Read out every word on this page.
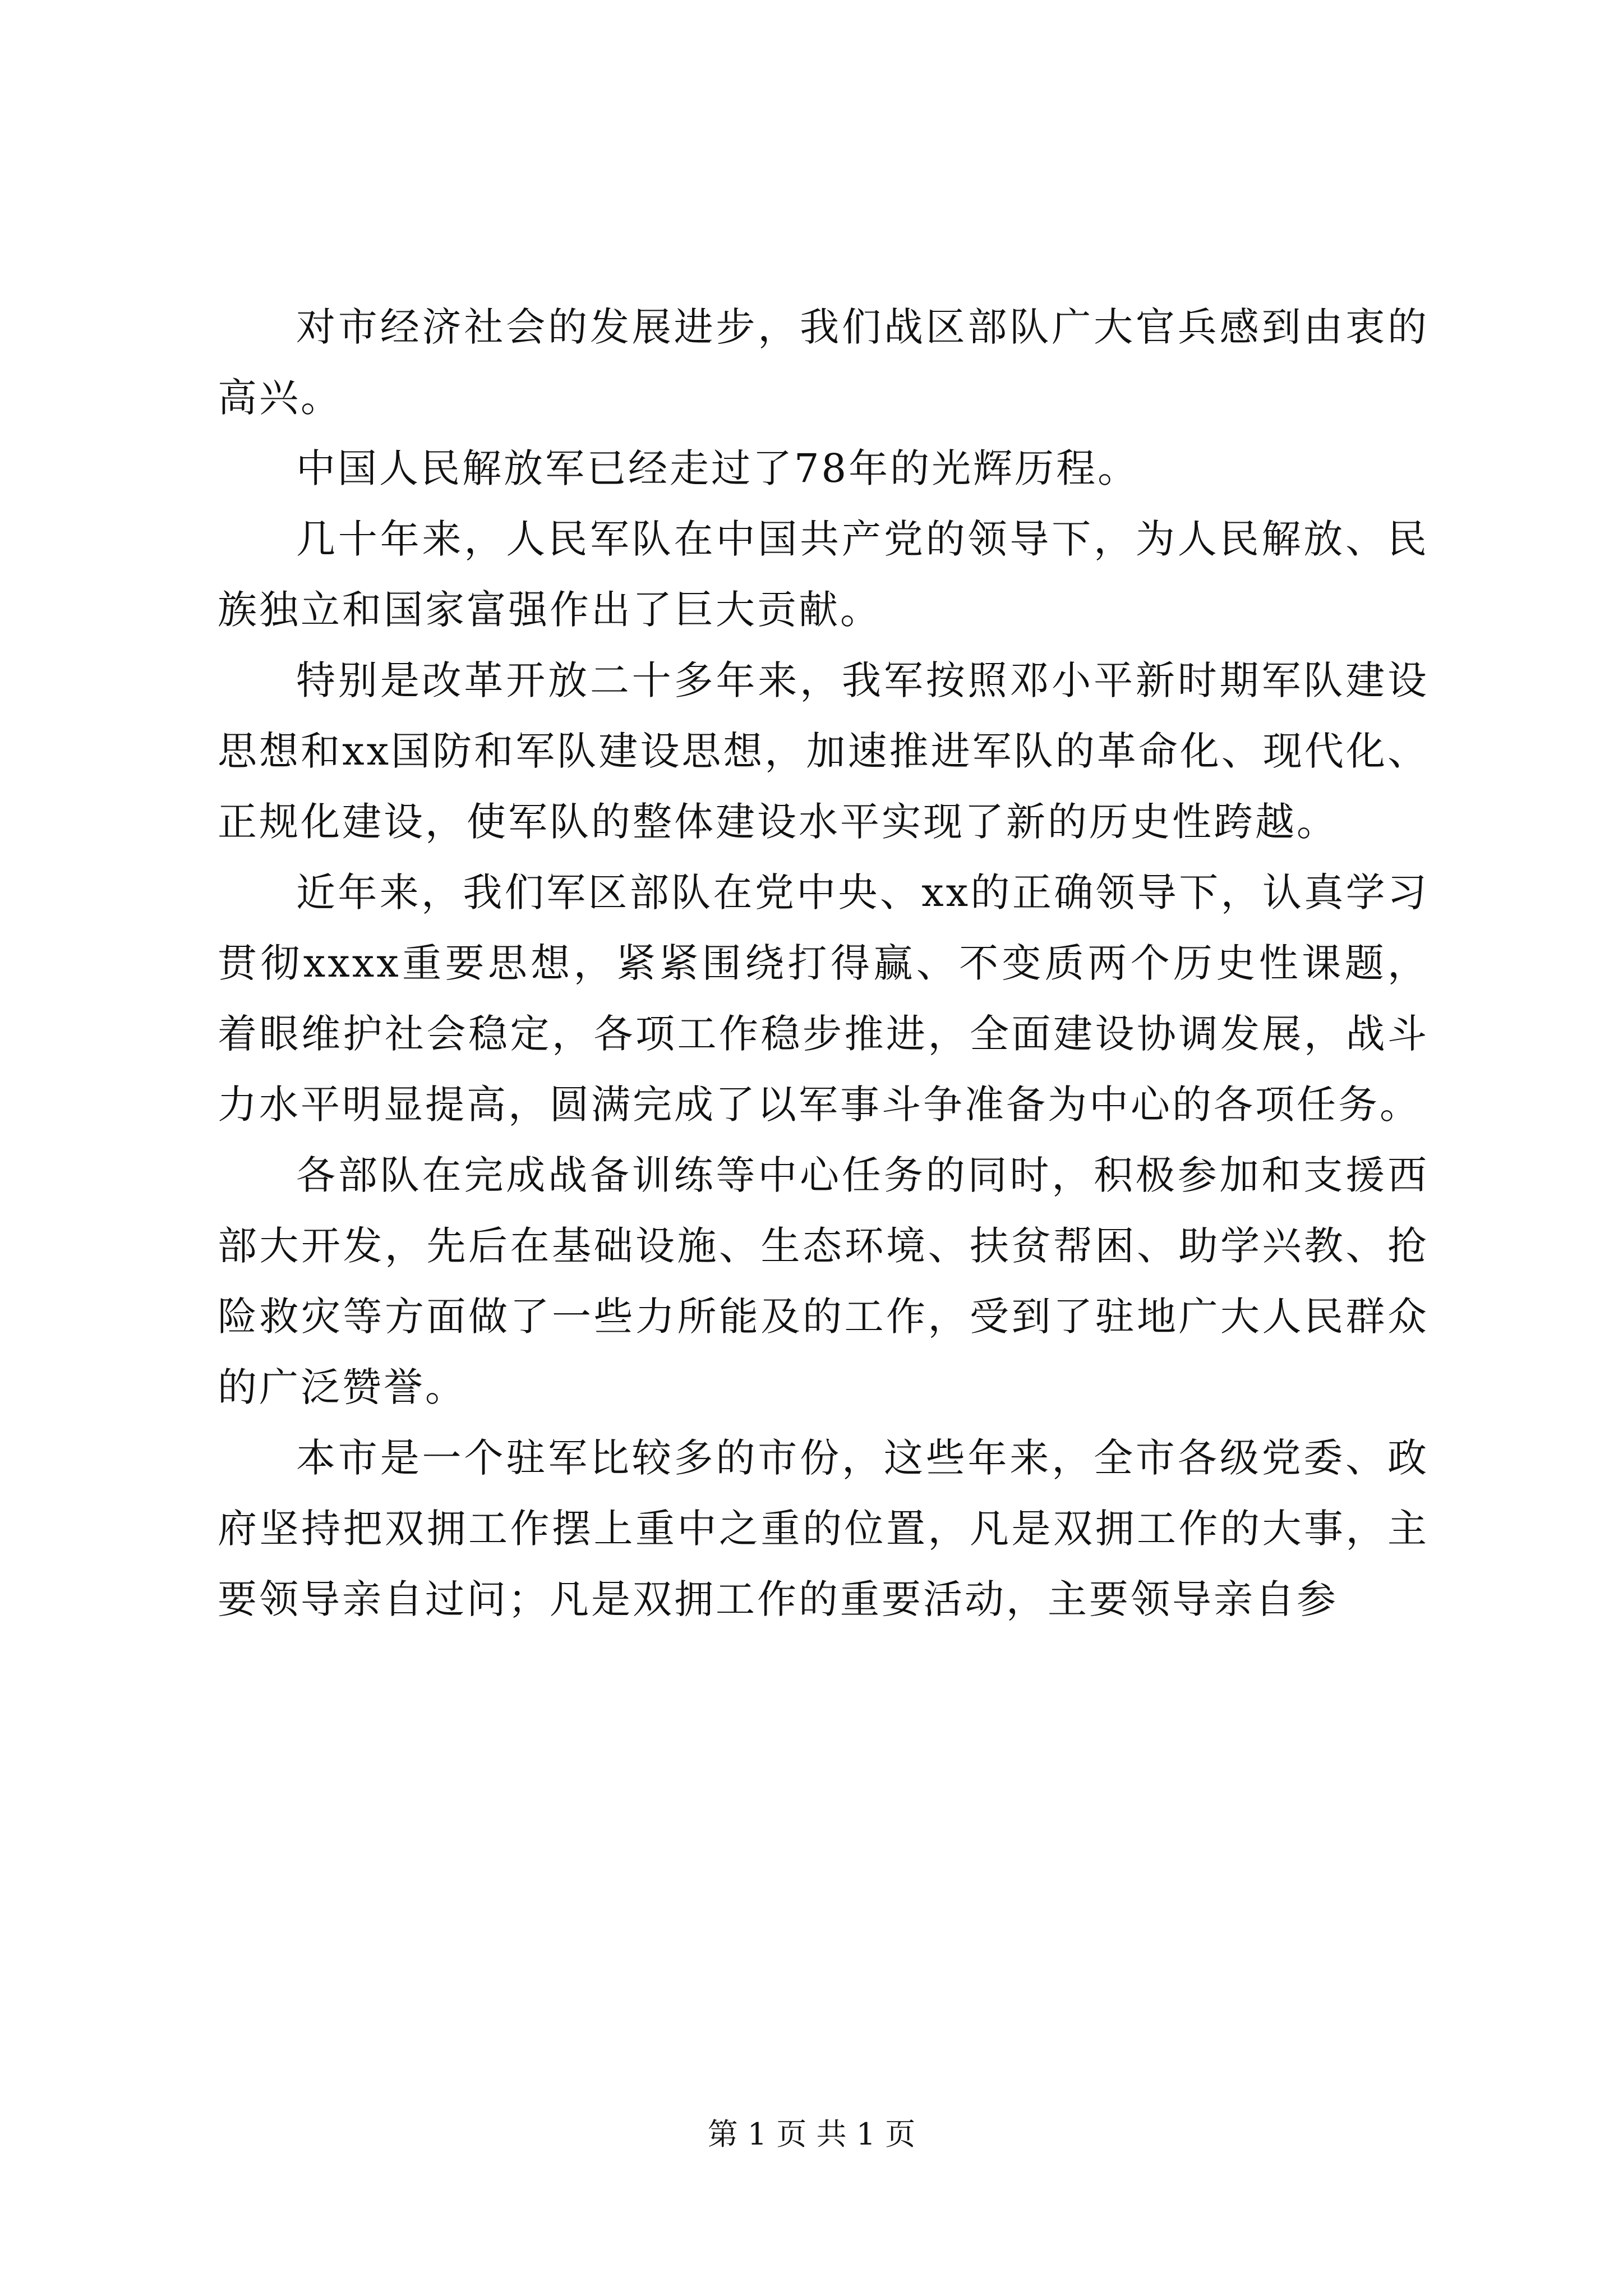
对市经济社会的发展进步，我们战区部队广大官兵感到由衷的高兴。

中国人民解放军已经走过了78年的光辉历程。

几十年来，人民军队在中国共产党的领导下，为人民解放、民族独立和国家富强作出了巨大贡献。

特别是改革开放二十多年来，我军按照邓小平新时期军队建设思想和xx国防和军队建设思想，加速推进军队的革命化、现代化、正规化建设，使军队的整体建设水平实现了新的历史性跨越。

近年来，我们军区部队在党中央、xx的正确领导下，认真学习贯彻xxxx重要思想，紧紧围绕打得赢、不变质两个历史性课题，着眼维护社会稳定，各项工作稳步推进，全面建设协调发展，战斗力水平明显提高，圆满完成了以军事斗争准备为中心的各项任务。

各部队在完成战备训练等中心任务的同时，积极参加和支援西部大开发，先后在基础设施、生态环境、扶贫帮困、助学兴教、抢险救灾等方面做了一些力所能及的工作，受到了驻地广大人民群众的广泛赞誉。

本市是一个驻军比较多的市份，这些年来，全市各级党委、政府坚持把双拥工作摆上重中之重的位置，凡是双拥工作的大事，主要领导亲自过问；凡是双拥工作的重要活动，主要领导亲自参

第 1 页 共 1 页
